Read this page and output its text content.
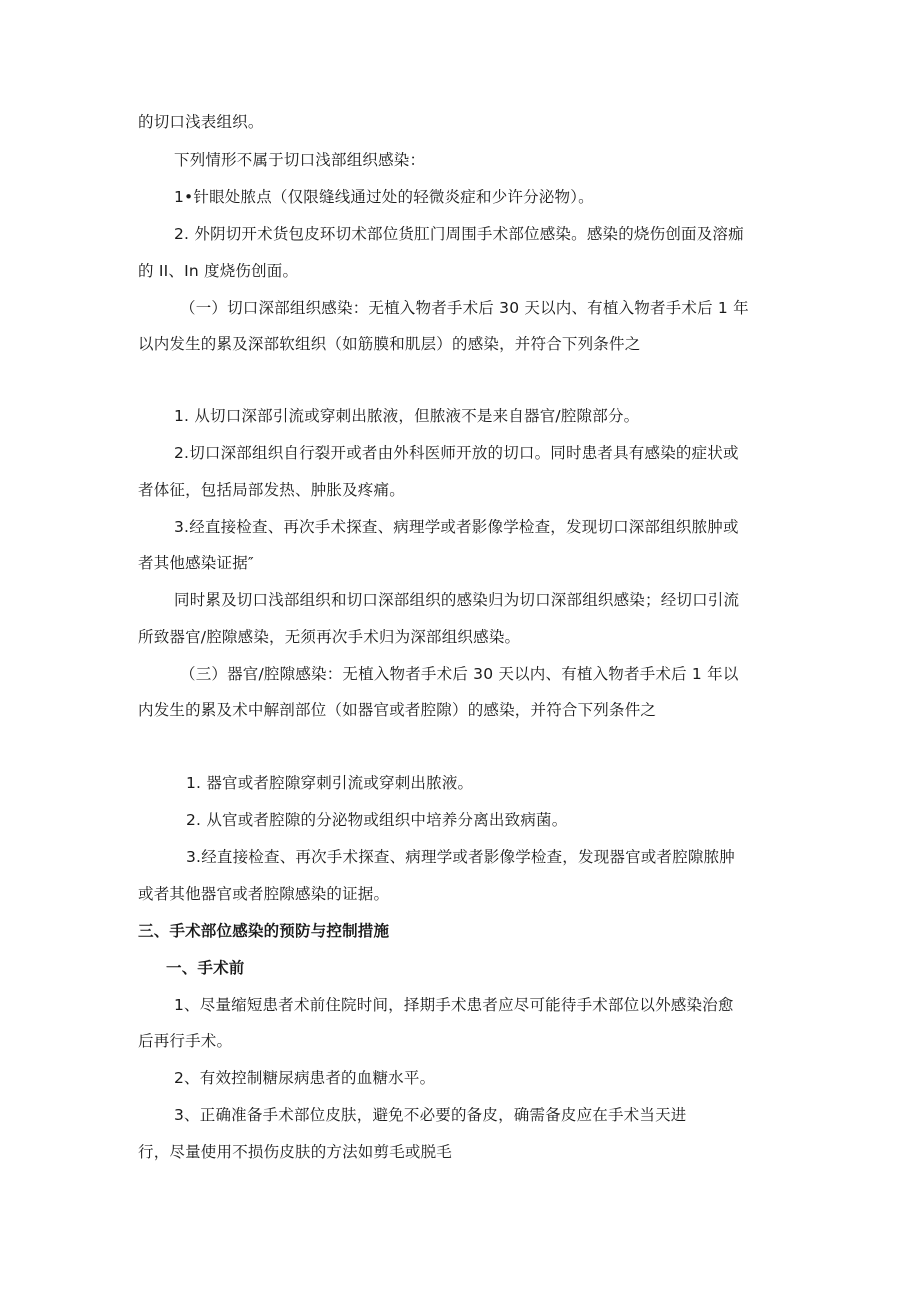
的切口浅表组织。
下列情形不属于切口浅部组织感染：
1•针眼处脓点（仅限缝线通过处的轻微炎症和少许分泌物）。
2. 外阴切开术货包皮环切术部位货肛门周围手术部位感染。感染的烧伤创面及溶痂
的 II、In 度烧伤创面。
（一）切口深部组织感染：无植入物者手术后 30 天以内、有植入物者手术后 1 年
以内发生的累及深部软组织（如筋膜和肌层）的感染，并符合下列条件之
1. 从切口深部引流或穿刺出脓液，但脓液不是来自器官/腔隙部分。
2.切口深部组织自行裂开或者由外科医师开放的切口。同时患者具有感染的症状或
者体征，包括局部发热、肿胀及疼痛。
3.经直接检查、再次手术探查、病理学或者影像学检查，发现切口深部组织脓肿或
者其他感染证据″
同时累及切口浅部组织和切口深部组织的感染归为切口深部组织感染；经切口引流
所致器官/腔隙感染，无须再次手术归为深部组织感染。
（三）器官/腔隙感染：无植入物者手术后 30 天以内、有植入物者手术后 1 年以
内发生的累及术中解剖部位（如器官或者腔隙）的感染，并符合下列条件之
1. 器官或者腔隙穿刺引流或穿刺出脓液。
2. 从官或者腔隙的分泌物或组织中培养分离出致病菌。
3.经直接检查、再次手术探查、病理学或者影像学检查，发现器官或者腔隙脓肿
或者其他器官或者腔隙感染的证据。
三、手术部位感染的预防与控制措施
一、手术前
1、尽量缩短患者术前住院时间，择期手术患者应尽可能待手术部位以外感染治愈
后再行手术。
2、有效控制糖尿病患者的血糖水平。
3、正确准备手术部位皮肤，避免不必要的备皮，确需备皮应在手术当天进
行，尽量使用不损伤皮肤的方法如剪毛或脱毛
